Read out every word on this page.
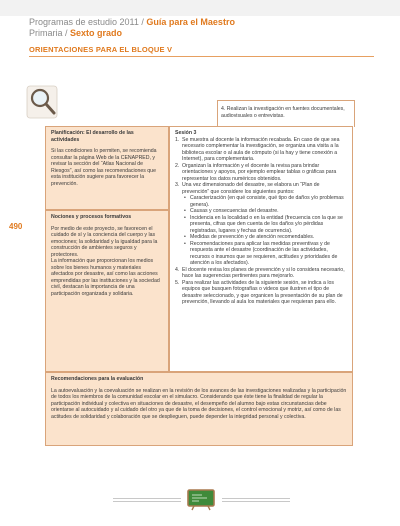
Programas de estudio 2011 / Guía para el Maestro
Primaria / Sexto grado
ORIENTACIONES PARA EL BLOQUE V
490
4. Realizan la investigación en fuentes documentales, audiovisuales o entrevistas.

Planificación: El desarrollo de las actividades

Si las condiciones lo permiten, se recomienda consultar la página Web de la CENAPRED, y revisar la sección del “Atlas Nacional de Riesgos”, así como las recomendaciones que esta institución sugiere para favorecer la prevención.

Nociones y procesos formativos

Por medio de este proyecto, se favorecen el cuidado de sí y la conciencia del cuerpo y las emociones; la solidaridad y la igualdad para la construcción de ambientes seguros y protectores.

La información que proporcionan los medios sobre los bienes humanos y materiales afectados por desastre, así como las acciones emprendidas por las instituciones y la sociedad civil, destacan la importancia de una participación organizada y solidaria.

Sesión 3

1. Se muestra al docente la información recabada. En caso de que sea necesario complementar la investigación, se organiza una visita a la biblioteca escolar o al aula de cómputo (si la hay y tiene conexión a Internet), para complementaria.
2. Organizan la información y el docente la revisa para brindar orientaciones y apoyos, por ejemplo emplear tablas o gráficas para representar los datos numéricos obtenidos.
3. Una vez dimensionado del desastre, se elabora un “Plan de prevención” que considere los siguientes puntos:
• Caracterización (en qué consiste, qué tipo de daños y/o problemas genera).
• Causas y consecuencias del desastre.
• Incidencia en la localidad o en la entidad (frecuencia con la que se presenta, cifras que den cuenta de los daños y/o pérdidas registradas, lugares y fechas de ocurrencia).
• Medidas de prevención y de atención recomendables.
• Recomendaciones para aplicar las medidas preventivas y de respuesta ante el desastre (coordinación de las actividades, recursos o insumos que se requieren, actitudes y prioridades de atención a los afectados).
4. El docente revisa los planes de prevención y si lo considera necesario, hace las sugerencias pertinentes para mejorarlo.
5. Para realizar las actividades de la siguiente sesión, se indica a los equipos que busquen fotografías o videos que ilustren el tipo de desastre seleccionado, y que organicen la presentación de su plan de prevención, llevando al aula los materiales que requieran para ello.

Recomendaciones para la evaluación

La autoevaluación y la coevaluación se realizan en la revisión de los avances de las investigaciones realizadas y la participación de todos los miembros de la comunidad escolar en el simulacro. Considerando que éste tiene la finalidad de regular la participación individual y colectiva en situaciones de desastre, el desempeño del alumno bajo estas circunstancias debe orientarse al autocuidado y al cuidado del otro ya que de la toma de decisiones, el control emocional y motriz, así como de las actitudes de solidaridad y colaboración que se desplieguen, puede depender la integridad personal y colectiva.
